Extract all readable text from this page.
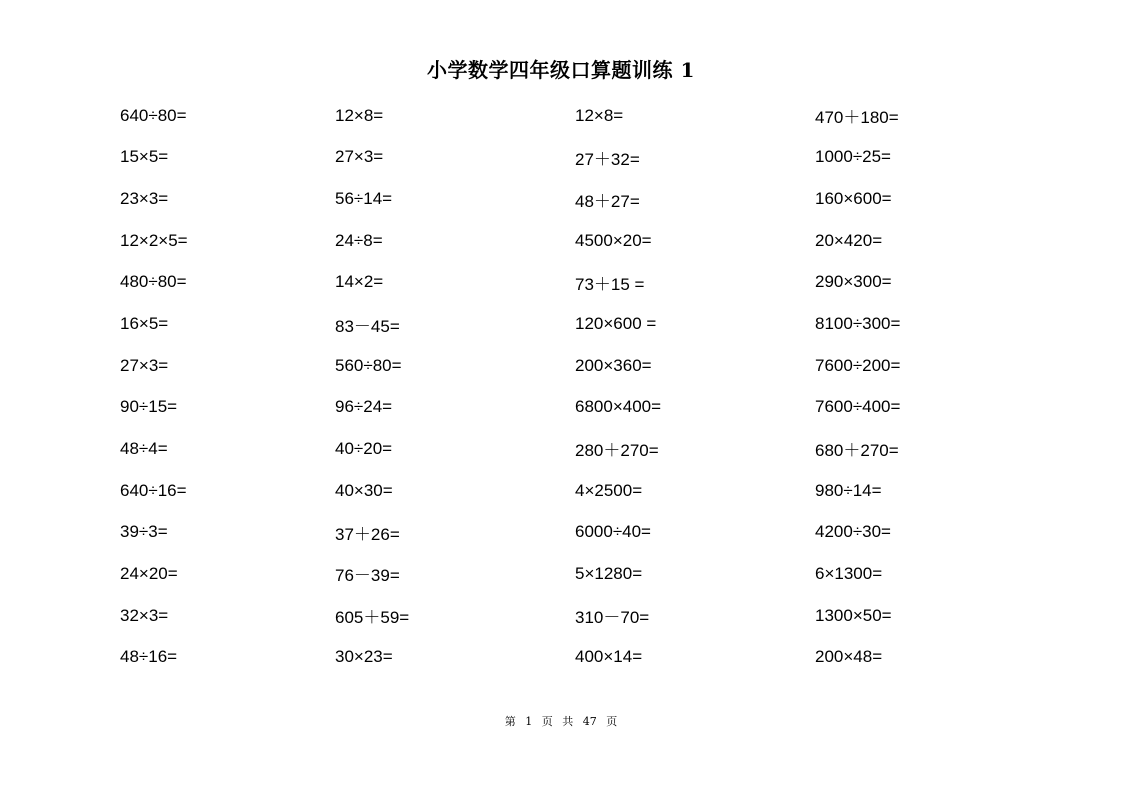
小学数学四年级口算题训练 1
640÷80=	12×8=	12×8=	470＋180=
15×5=	27×3=	27＋32=	1000÷25=
23×3=	56÷14=	48＋27=	160×600=
12×2×5=	24÷8=	4500×20=	20×420=
480÷80=	14×2=	73＋15 =	290×300=
16×5=	83－45=	120×600 =	8100÷300=
27×3=	560÷80=	200×360=	7600÷200=
90÷15=	96÷24=	6800×400=	7600÷400=
48÷4=	40÷20=	280＋270=	680＋270=
640÷16=	40×30=	4×2500=	980÷14=
39÷3=	37＋26=	6000÷40=	4200÷30=
24×20=	76－39=	5×1280=	6×1300=
32×3=	605＋59=	310－70=	1300×50=
48÷16=	30×23=	400×14=	200×48=
第 1 页 共 47 页
